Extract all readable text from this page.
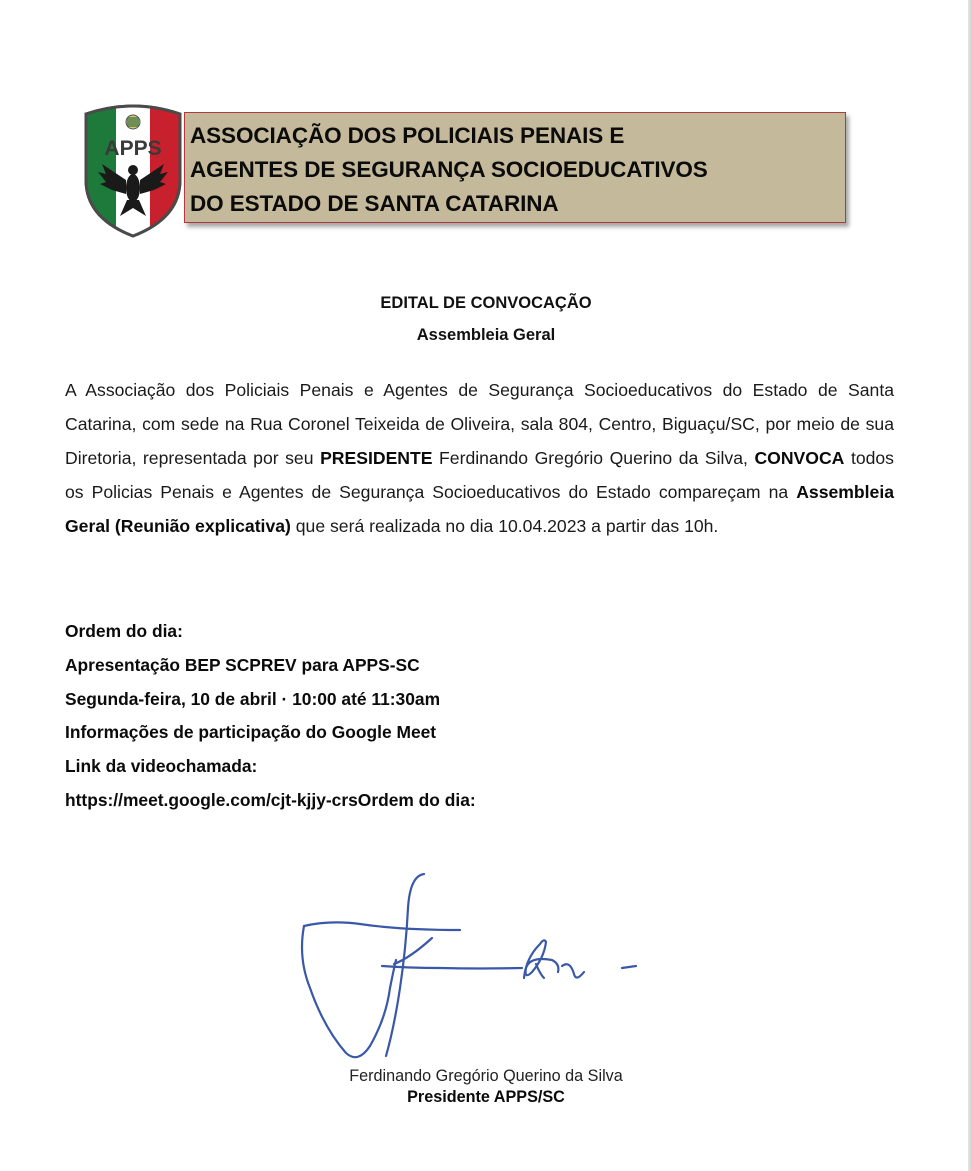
APPS
ASSOCIAÇÃO DOS POLICIAIS PENAIS E
AGENTES DE SEGURANÇA SOCIOEDUCATIVOS
DO ESTADO DE SANTA CATARINA
EDITAL DE CONVOCAÇÃO
Assembleia Geral
A Associação dos Policiais Penais e Agentes de Segurança Socioeducativos do Estado de Santa Catarina, com sede na Rua Coronel Teixeida de Oliveira, sala 804, Centro, Biguaçu/SC, por meio de sua Diretoria, representada por seu PRESIDENTE Ferdinando Gregório Querino da Silva, CONVOCA todos os Policias Penais e Agentes de Segurança Socioeducativos do Estado compareçam na Assembleia Geral (Reunião explicativa) que será realizada no dia 10.04.2023 a partir das 10h.
Ordem do dia:
Apresentação BEP SCPREV para APPS-SC
Segunda-feira, 10 de abril · 10:00 até 11:30am
Informações de participação do Google Meet
Link da videochamada:
https://meet.google.com/cjt-kjjy-crsOrdem do dia:
Ferdinando Gregório Querino da Silva
Presidente APPS/SC
